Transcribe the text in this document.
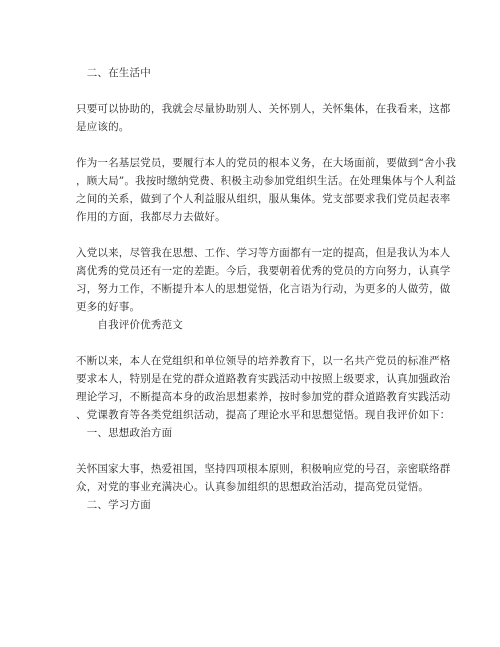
　二、在生活中
只要可以协助的，我就会尽量协助别人、关怀别人，关怀集体，在我看来，这都
是应该的。
作为一名基层党员，要履行本人的党员的根本义务，在大场面前，要做到“舍小我
，顾大局”。我按时缴纳党费、积极主动参加党组织生活。在处理集体与个人利益
之间的关系，做到了个人利益服从组织，服从集体。党支部要求我们党员起表率
作用的方面，我都尽力去做好。
入党以来，尽管我在思想、工作、学习等方面都有一定的提高，但是我认为本人
离优秀的党员还有一定的差距。今后，我要朝着优秀的党员的方向努力，认真学
习，努力工作，不断提升本人的思想觉悟，化言语为行动，为更多的人做劳，做
更多的好事。
　　自我评价优秀范文
不断以来，本人在党组织和单位领导的培养教育下，以一名共产党员的标准严格
要求本人，特别是在党的群众道路教育实践活动中按照上级要求，认真加强政治
理论学习，不断提高本身的政治思想素养，按时参加党的群众道路教育实践活动
、党课教育等各类党组织活动，提高了理论水平和思想觉悟。现自我评价如下：
　一、思想政治方面
关怀国家大事，热爱祖国，坚持四项根本原则，积极响应党的号召，亲密联络群
众，对党的事业充满决心。认真参加组织的思想政治活动，提高党员觉悟。
　二、学习方面
